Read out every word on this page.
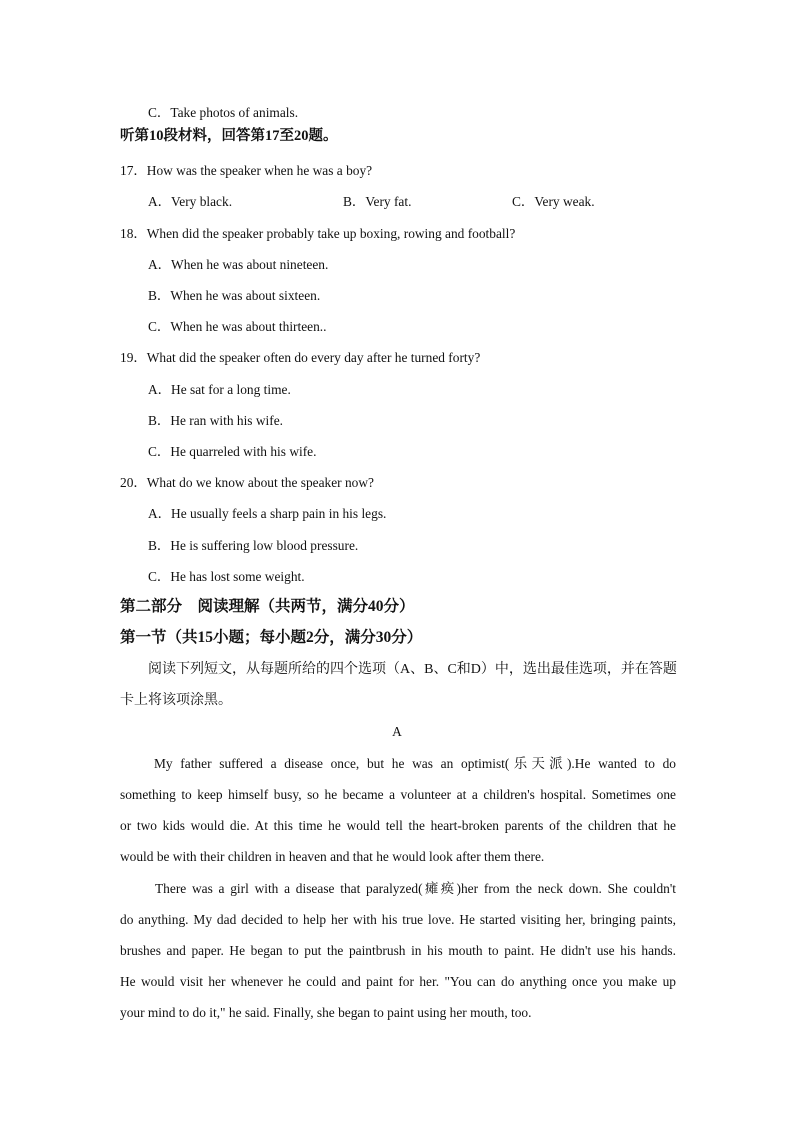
C．Take photos of animals.
听第10段材料，回答第17至20题。
17．How was the speaker when he was a boy?
A．Very black.	B．Very fat.	C．Very weak.
18．When did the speaker probably take up boxing, rowing and football?
A．When he was about nineteen.
B．When he was about sixteen.
C．When he was about thirteen..
19．What did the speaker often do every day after he turned forty?
A．He sat for a long time.
B．He ran with his wife.
C．He quarreled with his wife.
20．What do we know about the speaker now?
A．He usually feels a sharp pain in his legs.
B．He is suffering low blood pressure.
C．He has lost some weight.
第二部分　阅读理解（共两节，满分40分）
第一节（共15小题；每小题2分，满分30分）
阅读下列短文，从每题所给的四个选项（A、B、C和D）中，选出最佳选项，并在答题
卡上将该项涂黑。
A
My father suffered a disease once, but he was an optimist(乐天派).He wanted to do
something to keep himself busy, so he became a volunteer at a children's hospital. Sometimes one
or two kids would die. At this time he would tell the heart-broken parents of the children that he
would be with their children in heaven and that he would look after them there.
There was a girl with a disease that paralyzed(瘫痪)her from the neck down. She couldn't
do anything. My dad decided to help her with his true love. He started visiting her, bringing paints,
brushes and paper. He began to put the paintbrush in his mouth to paint. He didn't use his hands.
He would visit her whenever he could and paint for her. "You can do anything once you make up
your mind to do it," he said. Finally, she began to paint using her mouth, too.
